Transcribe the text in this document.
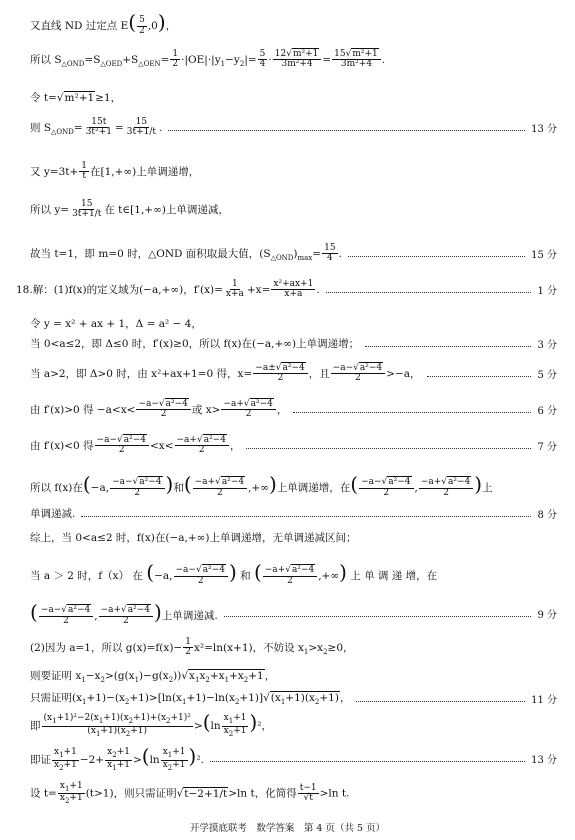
又直线 ND 过定点 $E( \frac{5}{2} ,0)$，
所以 $S_{\triangle OND}=S_{\triangle OED}+S_{\triangle OEN}= \frac{1}{2} \cdot|OE|\cdot|y_1-y_2|= \frac{5}{4} \cdot \frac{\text{12√m²+1}}{\text{3m²+4}} = \frac{\text{15√m²+1}}{\text{3m²+4}}$ .
令 t=√m²+1≥1，
则 $S_{\triangle OND}= \frac{15t}{\text{3t²+1}} = \frac{15}{3t+1/t}$ .	13 分
又 $y=3t+ \frac{1}{t}$ 在[1,+∞)上单调递增，
所以 $y= \frac{15}{3t+1/t}$ 在 t∈[1,+∞)上单调递减，
故当 t=1，即 m=0 时，△OND 面积取最大值，$(S_{\triangle OND})_{max}= \frac{15}{4}$ .	15 分
18.解：(1)f(x)的定义域为(−a,+∞)，$f'(x)= \frac{1}{x+a} +x= \frac{\text{x²+ax+1}}{x+a}$ .	1 分
令 y = x² + ax + 1，Δ = a² − 4，
当 0<a≤2，即 Δ≤0 时，f′(x)≥0，所以 f(x)在(−a,+∞)上单调递增；	3 分
当 a>2，即 Δ>0 时，由 x²+ax+1=0 得，$x= \frac{\text{−a±√a²−4}}{2}$ ，且 $\frac{\text{−a−√a²−4}}{2} >-a$，	5 分
由 f′(x)>0 得 $-a<x< \frac{\text{−a−√a²−4}}{2}$ 或 $x> \frac{\text{−a+√a²−4}}{2}$ ，	6 分
由 f′(x)<0 得 $\frac{\text{−a−√a²−4}}{2} <x< \frac{\text{−a+√a²−4}}{2}$ ，	7 分
所以 f(x)在(−a, $\frac{\text{−a−√a²−4}}{2}$ )和( $\frac{\text{−a+√a²−4}}{2}$ ,+∞)上单调递增，在( $\frac{\text{−a−√a²−4}}{2}$ , $\frac{\text{−a+√a²−4}}{2}$ )上
单调递减.	8 分
综上，当 0<a≤2 时，f(x)在(−a,+∞)上单调递增，无单调递减区间；
当 a ＞ 2 时，f（x） 在 (−a, $\frac{\text{−a−√a²−4}}{2}$ ) 和 ( $\frac{\text{−a+√a²−4}}{2}$ ,+∞) 上 单 调 递 增，在
( $\frac{\text{−a−√a²−4}}{2}$ , $\frac{\text{−a+√a²−4}}{2}$ )上单调递减.	9 分
(2)因为 a=1，所以 $g(x)=f(x)- \frac{1}{2} x^2=\ln(x+1)$，不妨设 $x_1>x_2\ge 0$，
则要证明 $x_1-x_2>(g(x_1)-g(x_2))√x_1x_2+x_1+x_2+1$，
只需证明$(x_1+1)-(x_2+1)>[\ln(x_1+1)-\ln(x_2+1)]√(x_1+1)(x_2+1)$，	11 分
即 $\frac{(x_1+1)^2-2(x_1+1)(x_2+1)+(x_2+1)^2}{(x_1+1)(x_2+1)} >(\ln \frac{x_1+1}{x_2+1} )^2$，
即证 $\frac{x_1+1}{x_2+1} -2+ \frac{x_2+1}{x_1+1} >(\ln \frac{x_1+1}{x_2+1} )^2$.	13 分
设 $t= \frac{x_1+1}{x_2+1} (t>1)$，则只需证明√t−2+1/t>ln t，化简得 $\frac{t-1}{√t} >\ln$ t.
开学摸底联考　数学答案　第 4 页（共 5 页）
